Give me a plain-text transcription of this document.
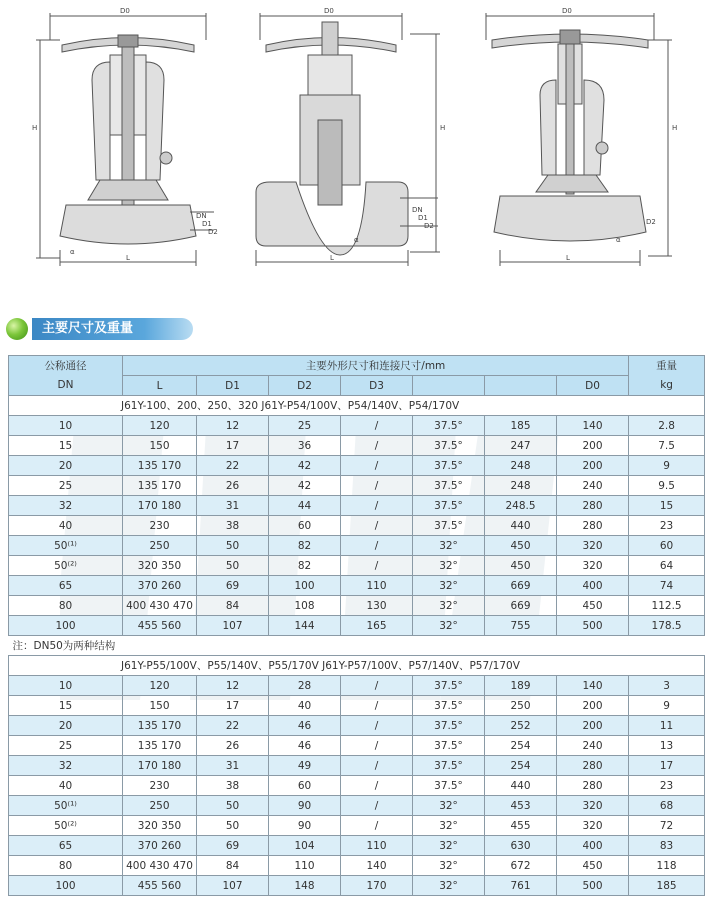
D0	D0	D0
H	H	H
L	L	L
DN
D1
D2
DN
D1
D2	D2
α
α	α
主要尺寸及重量
公称通径	主要外形尺寸和连接尺寸/mm							重量
DN	L	D1	D2	D3			D0	kg
J61Y-100、200、250、320 J61Y-P54/100V、P54/140V、P54/170V								
10	120	12	25	/	37.5°	185	140	2.8
15	150	17	36	/	37.5°	247	200	7.5
20	135 170	22	42	/	37.5°	248	200	9
25	135 170	26	42	/	37.5°	248	240	9.5
32	170 180	31	44	/	37.5°	248.5	280	15
40	230	38	60	/	37.5°	440	280	23
50⁽¹⁾	250	50	82	/	32°	450	320	60
50⁽²⁾	320 350	50	82	/	32°	450	320	64
65	370 260	69	100	110	32°	669	400	74
80	400 430 470	84	108	130	32°	669	450	112.5
100	455 560	107	144	165	32°	755	500	178.5
注：DN50为两种结构								
J61Y-P55/100V、P55/140V、P55/170V J61Y-P57/100V、P57/140V、P57/170V								
10	120	12	28	/	37.5°	189	140	3
15	150	17	40	/	37.5°	250	200	9
20	135 170	22	46	/	37.5°	252	200	11
25	135 170	26	46	/	37.5°	254	240	13
32	170 180	31	49	/	37.5°	254	280	17
40	230	38	60	/	37.5°	440	280	23
50⁽¹⁾	250	50	90	/	32°	453	320	68
50⁽²⁾	320 350	50	90	/	32°	455	320	72
65	370 260	69	104	110	32°	630	400	83
80	400 430 470	84	110	140	32°	672	450	118
100	455 560	107	148	170	32°	761	500	185
